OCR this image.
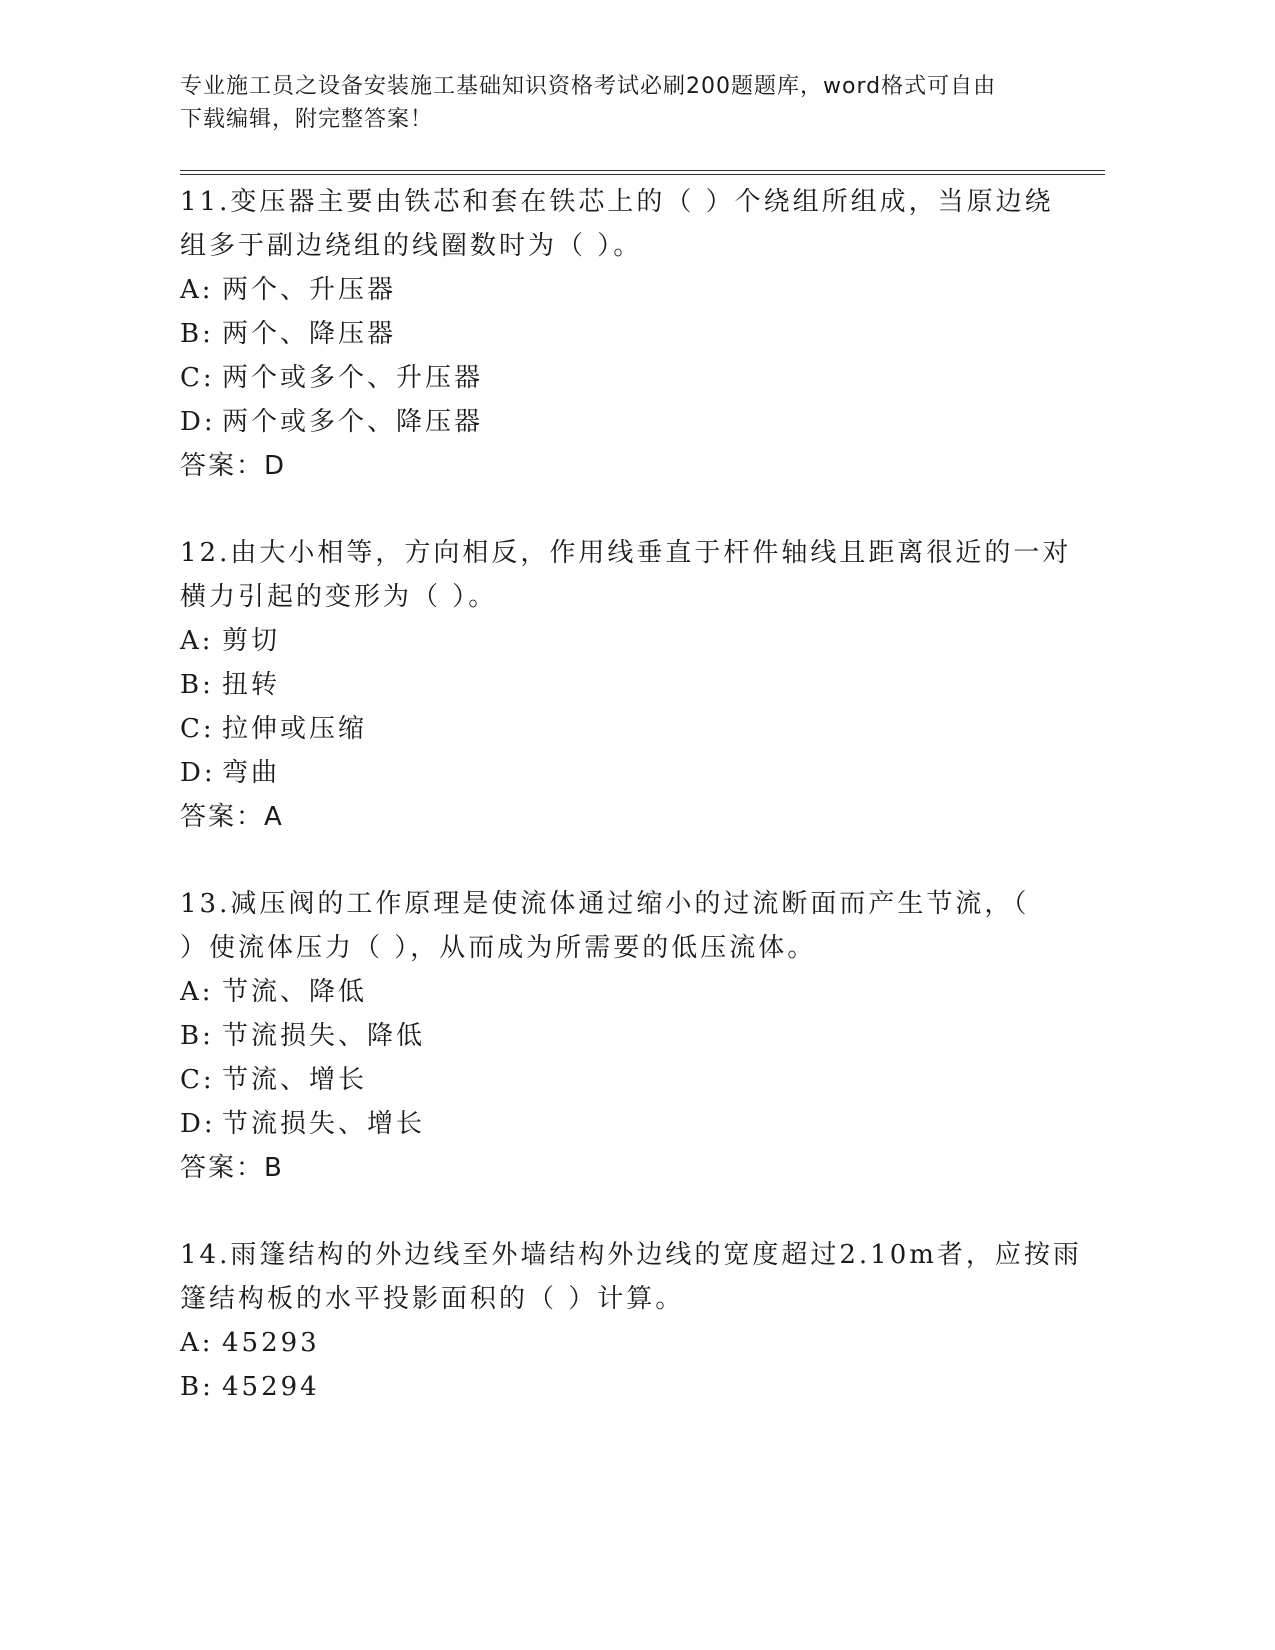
专业施工员之设备安装施工基础知识资格考试必刷200题题库，word格式可自由
下载编辑，附完整答案！
11.变压器主要由铁芯和套在铁芯上的（ ）个绕组所组成，当原边绕
组多于副边绕组的线圈数时为（ ）。
A: 两个、升压器
B: 两个、降压器
C: 两个或多个、升压器
D: 两个或多个、降压器
答案：D
12.由大小相等，方向相反，作用线垂直于杆件轴线且距离很近的一对
横力引起的变形为（ ）。
A: 剪切
B: 扭转
C: 拉伸或压缩
D: 弯曲
答案：A
13.减压阀的工作原理是使流体通过缩小的过流断面而产生节流，（
）使流体压力（ ），从而成为所需要的低压流体。
A: 节流、降低
B: 节流损失、降低
C: 节流、增长
D: 节流损失、增长
答案：B
14.雨篷结构的外边线至外墙结构外边线的宽度超过2.10m者，应按雨
篷结构板的水平投影面积的（ ）计算。
A: 45293
B: 45294
